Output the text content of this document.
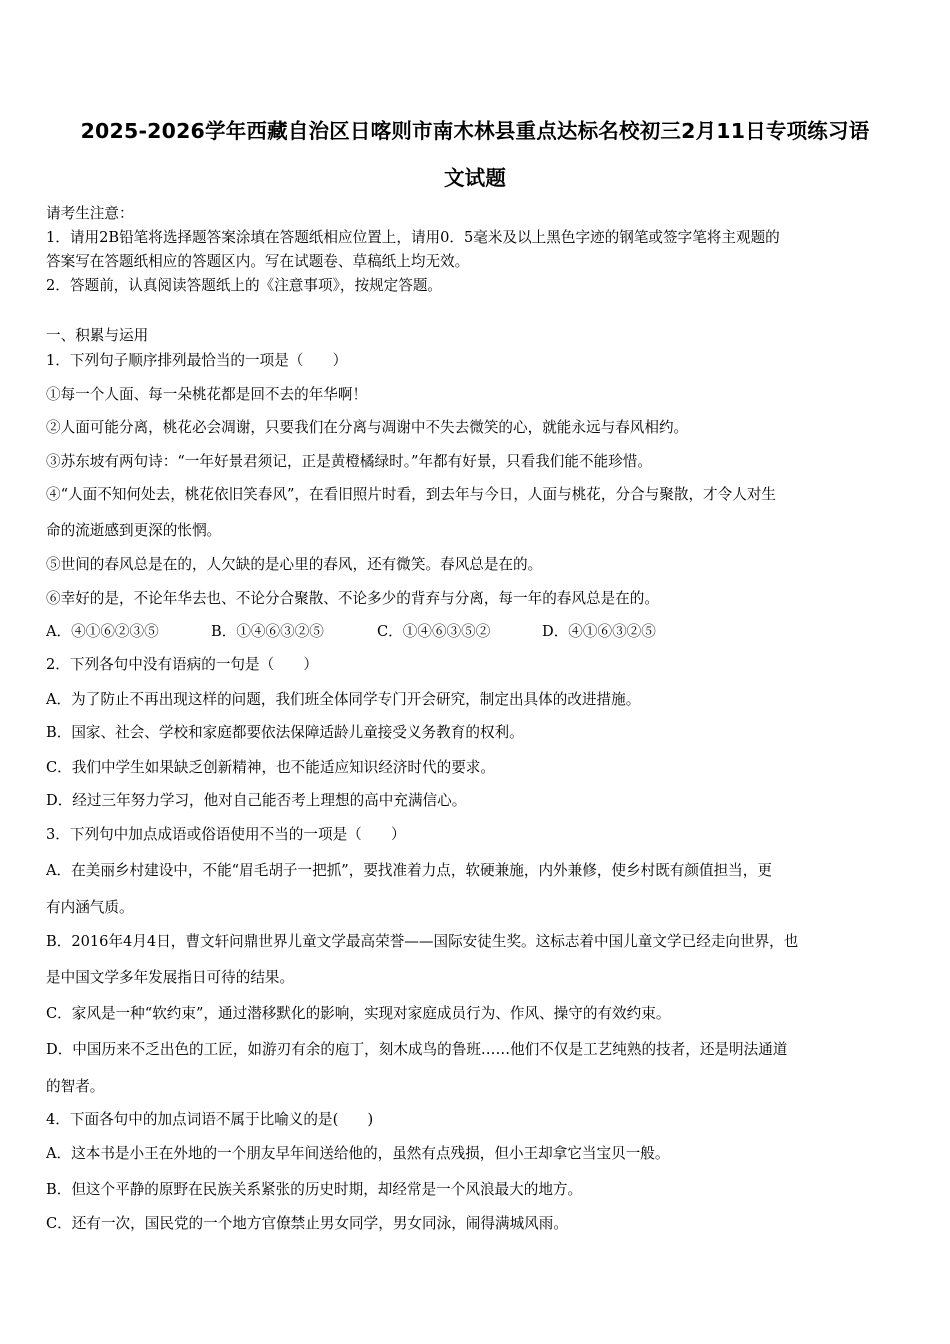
2025-2026学年西藏自治区日喀则市南木林县重点达标名校初三2月11日专项练习语
文试题
请考生注意：
1．请用2B铅笔将选择题答案涂填在答题纸相应位置上，请用0．5毫米及以上黑色字迹的钢笔或签字笔将主观题的
答案写在答题纸相应的答题区内。写在试题卷、草稿纸上均无效。
2．答题前，认真阅读答题纸上的《注意事项》，按规定答题。
一、积累与运用
1．下列句子顺序排列最恰当的一项是（　　）
①每一个人面、每一朵桃花都是回不去的年华啊！
②人面可能分离，桃花必会凋谢，只要我们在分离与凋谢中不失去微笑的心，就能永远与春风相约。
③苏东坡有两句诗：“一年好景君须记，正是黄橙橘绿时。”年都有好景，只看我们能不能珍惜。
④“人面不知何处去，桃花依旧笑春风”，在看旧照片时看，到去年与今日，人面与桃花，分合与聚散，才令人对生
命的流逝感到更深的怅惘。
⑤世间的春风总是在的，人欠缺的是心里的春风，还有微笑。春风总是在的。
⑥幸好的是，不论年华去也、不论分合聚散、不论多少的背弃与分离，每一年的春风总是在的。
A．④①⑥②③⑤	B．①④⑥③②⑤	C．①④⑥③⑤②	D．④①⑥③②⑤
2．下列各句中没有语病的一句是（　　）
A．为了防止不再出现这样的问题，我们班全体同学专门开会研究，制定出具体的改进措施。
B．国家、社会、学校和家庭都要依法保障适龄儿童接受义务教育的权利。
C．我们中学生如果缺乏创新精神，也不能适应知识经济时代的要求。
D．经过三年努力学习，他对自己能否考上理想的高中充满信心。
3．下列句中加点成语或俗语使用不当的一项是（　　）
A．在美丽乡村建设中，不能“眉毛胡子一把抓”，要找准着力点，软硬兼施，内外兼修，使乡村既有颜值担当，更
有内涵气质。
B．2016年4月4日，曹文轩问鼎世界儿童文学最高荣誉——国际安徒生奖。这标志着中国儿童文学已经走向世界，也
是中国文学多年发展指日可待的结果。
C．家风是一种“软约束”，通过潜移默化的影响，实现对家庭成员行为、作风、操守的有效约束。
D．中国历来不乏出色的工匠，如游刃有余的庖丁，刻木成鸟的鲁班……他们不仅是工艺纯熟的技者，还是明法通道
的智者。
4．下面各句中的加点词语不属于比喻义的是(　　)
A．这本书是小王在外地的一个朋友早年间送给他的，虽然有点残损，但小王却拿它当宝贝一般。
B．但这个平静的原野在民族关系紧张的历史时期，却经常是一个风浪最大的地方。
C．还有一次，国民党的一个地方官僚禁止男女同学，男女同泳，闹得满城风雨。
